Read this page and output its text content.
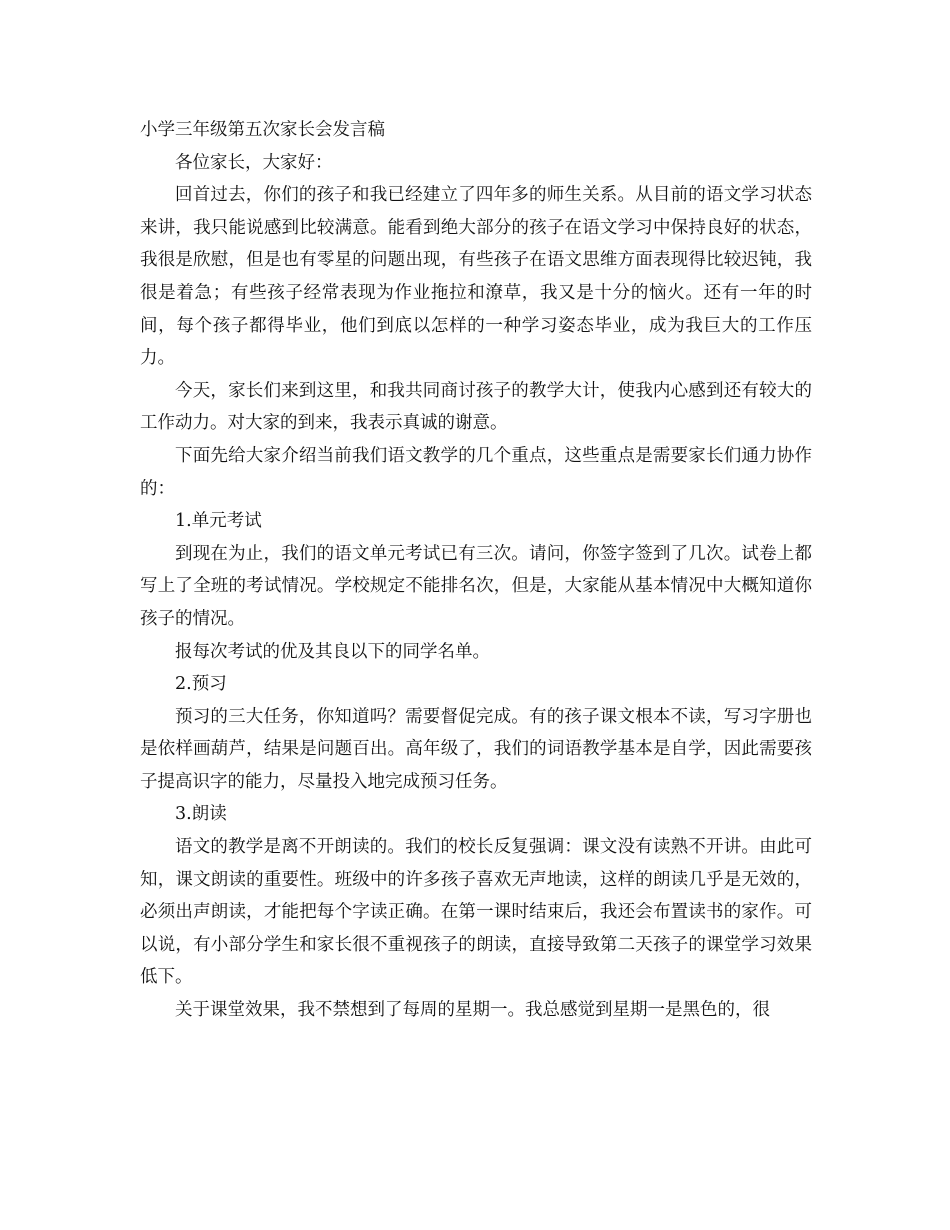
小学三年级第五次家长会发言稿

各位家长，大家好：

回首过去，你们的孩子和我已经建立了四年多的师生关系。从目前的语文学习状态来讲，我只能说感到比较满意。能看到绝大部分的孩子在语文学习中保持良好的状态，我很是欣慰，但是也有零星的问题出现，有些孩子在语文思维方面表现得比较迟钝，我很是着急；有些孩子经常表现为作业拖拉和潦草，我又是十分的恼火。还有一年的时间，每个孩子都得毕业，他们到底以怎样的一种学习姿态毕业，成为我巨大的工作压力。

今天，家长们来到这里，和我共同商讨孩子的教学大计，使我内心感到还有较大的工作动力。对大家的到来，我表示真诚的谢意。

下面先给大家介绍当前我们语文教学的几个重点，这些重点是需要家长们通力协作的：

1.单元考试

到现在为止，我们的语文单元考试已有三次。请问，你签字签到了几次。试卷上都写上了全班的考试情况。学校规定不能排名次，但是，大家能从基本情况中大概知道你孩子的情况。

报每次考试的优及其良以下的同学名单。

2.预习

预习的三大任务，你知道吗？需要督促完成。有的孩子课文根本不读，写习字册也是依样画葫芦，结果是问题百出。高年级了，我们的词语教学基本是自学，因此需要孩子提高识字的能力，尽量投入地完成预习任务。

3.朗读

语文的教学是离不开朗读的。我们的校长反复强调：课文没有读熟不开讲。由此可知，课文朗读的重要性。班级中的许多孩子喜欢无声地读，这样的朗读几乎是无效的，必须出声朗读，才能把每个字读正确。在第一课时结束后，我还会布置读书的家作。可以说，有小部分学生和家长很不重视孩子的朗读，直接导致第二天孩子的课堂学习效果低下。

关于课堂效果，我不禁想到了每周的星期一。我总感觉到星期一是黑色的，很
